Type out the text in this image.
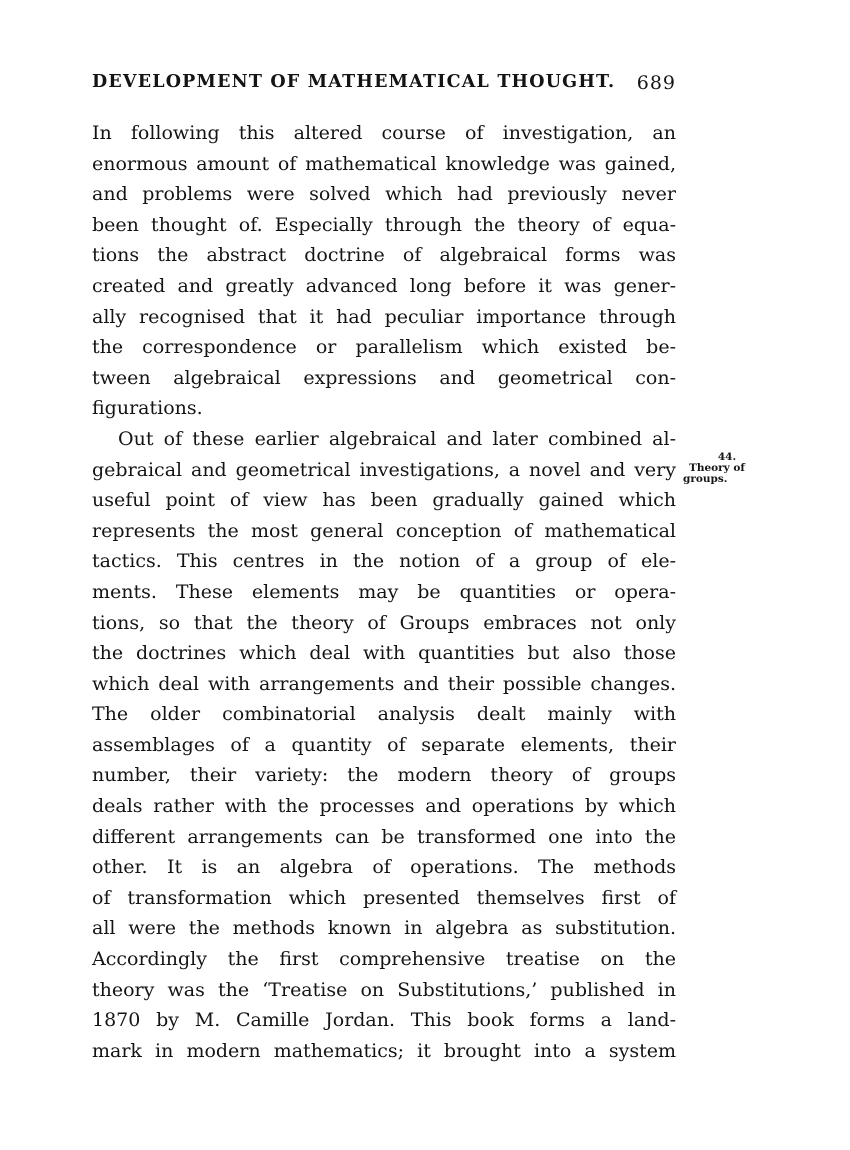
DEVELOPMENT OF MATHEMATICAL THOUGHT. 689
In following this altered course of investigation, an
enormous amount of mathematical knowledge was gained,
and problems were solved which had previously never
been thought of. Especially through the theory of equa-
tions the abstract doctrine of algebraical forms was
created and greatly advanced long before it was gener-
ally recognised that it had peculiar importance through
the correspondence or parallelism which existed be-
tween algebraical expressions and geometrical con-
figurations.
Out of these earlier algebraical and later combined al-
gebraical and geometrical investigations, a novel and very
useful point of view has been gradually gained which
represents the most general conception of mathematical
tactics. This centres in the notion of a group of ele-
ments. These elements may be quantities or opera-
tions, so that the theory of Groups embraces not only
the doctrines which deal with quantities but also those
which deal with arrangements and their possible changes.
The older combinatorial analysis dealt mainly with
assemblages of a quantity of separate elements, their
number, their variety: the modern theory of groups
deals rather with the processes and operations by which
different arrangements can be transformed one into the
other. It is an algebra of operations. The methods
of transformation which presented themselves first of
all were the methods known in algebra as substitution.
Accordingly the first comprehensive treatise on the
theory was the ‘Treatise on Substitutions,’ published in
1870 by M. Camille Jordan. This book forms a land-
mark in modern mathematics; it brought into a system
44.
Theory of
groups.
